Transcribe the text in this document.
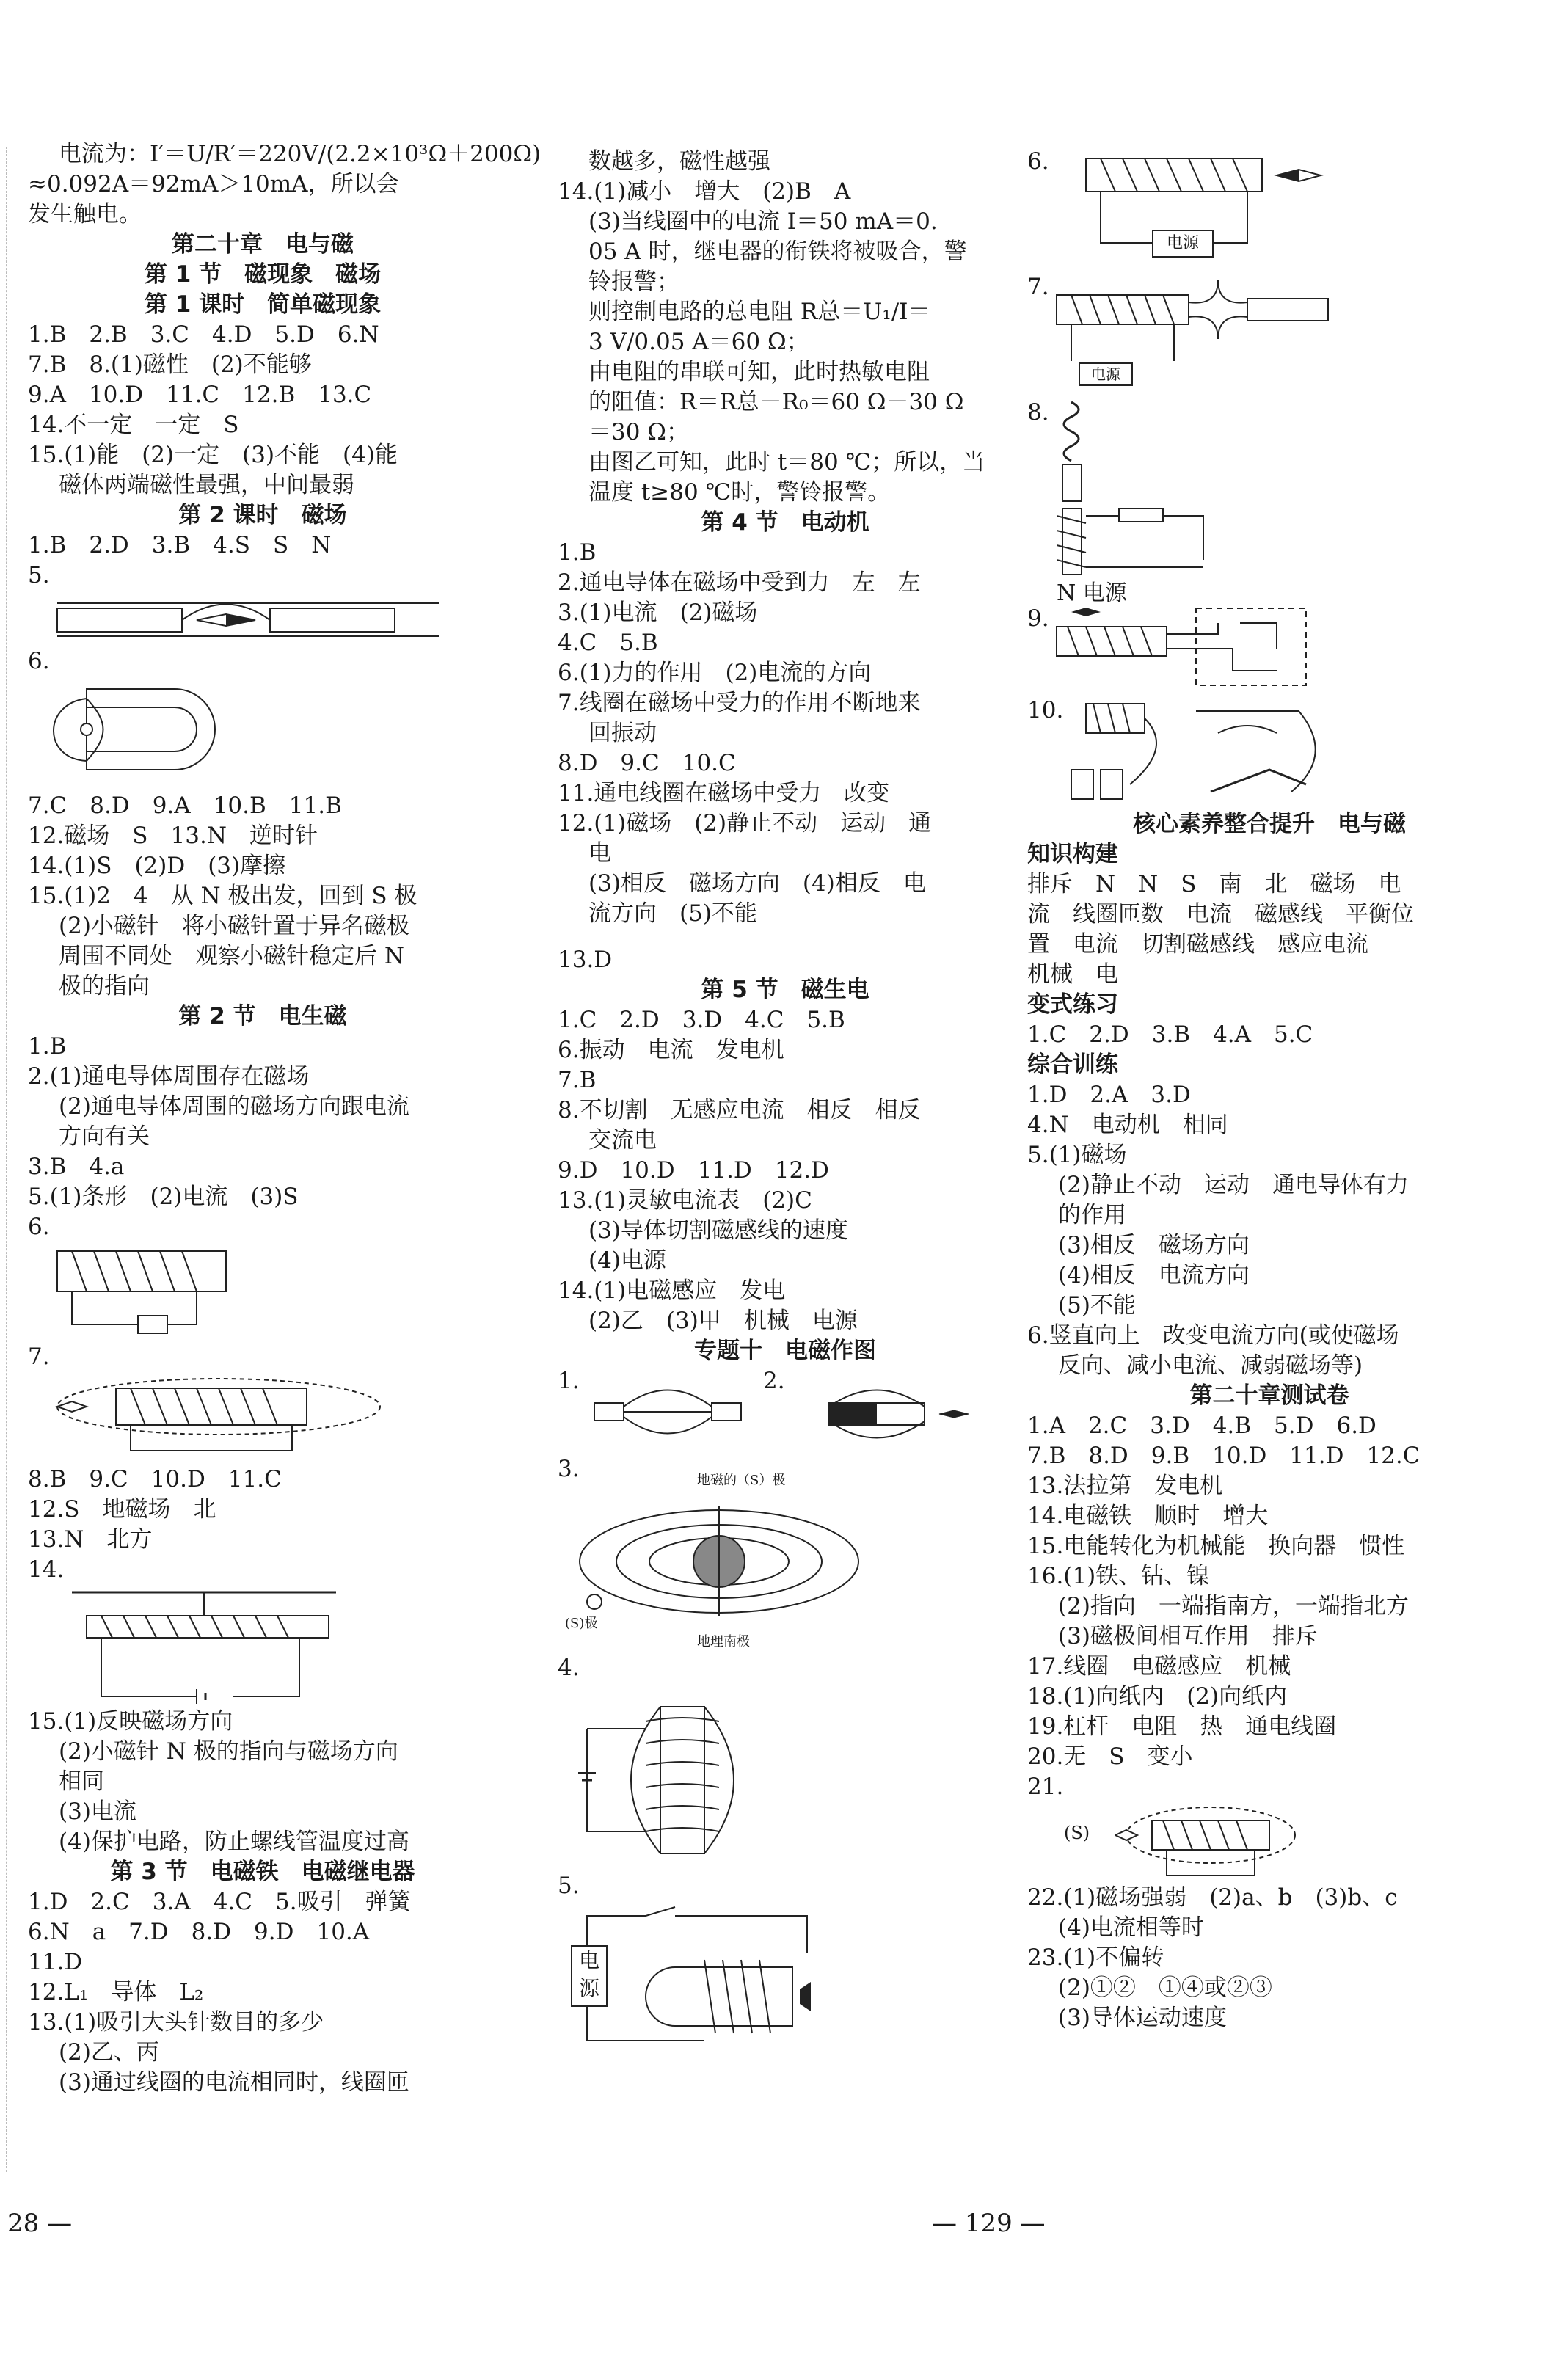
电流为：I′＝U/R′＝220V/(2.2×10³Ω＋200Ω)
≈0.092A＝92mA＞10mA，所以会
发生触电。
第二十章　电与磁
第 1 节　磁现象　磁场
第 1 课时　简单磁现象
1.B　2.B　3.C　4.D　5.D　6.N
7.B　8.(1)磁性　(2)不能够
9.A　10.D　11.C　12.B　13.C
14.不一定　一定　S
15.(1)能　(2)一定　(3)不能　(4)能
磁体两端磁性最强，中间最弱
第 2 课时　磁场
1.B　2.D　3.B　4.S　S　N
5.
6.
7.C　8.D　9.A　10.B　11.B
12.磁场　S　13.N　逆时针
14.(1)S　(2)D　(3)摩擦
15.(1)2　4　从 N 极出发，回到 S 极
(2)小磁针　将小磁针置于异名磁极
周围不同处　观察小磁针稳定后 N
极的指向
第 2 节　电生磁
1.B
2.(1)通电导体周围存在磁场
(2)通电导体周围的磁场方向跟电流
方向有关
3.B　4.a
5.(1)条形　(2)电流　(3)S
6.
7.
8.B　9.C　10.D　11.C
12.S　地磁场　北
13.N　北方
14.
15.(1)反映磁场方向
(2)小磁针 N 极的指向与磁场方向
相同
(3)电流
(4)保护电路，防止螺线管温度过高
第 3 节　电磁铁　电磁继电器
1.D　2.C　3.A　4.C　5.吸引　弹簧
6.N　a　7.D　8.D　9.D　10.A
11.D
12.L₁　导体　L₂
13.(1)吸引大头针数目的多少
(2)乙、丙
(3)通过线圈的电流相同时，线圈匝
数越多，磁性越强
14.(1)减小　增大　(2)B　A
(3)当线圈中的电流 I＝50 mA＝0.
05 A 时，继电器的衔铁将被吸合，警
铃报警；
则控制电路的总电阻 R总＝U₁/I＝
3 V/0.05 A＝60 Ω；
由电阻的串联可知，此时热敏电阻
的阻值：R＝R总－R₀＝60 Ω－30 Ω
＝30 Ω；
由图乙可知，此时 t＝80 ℃；所以，当
温度 t≥80 ℃时，警铃报警。
第 4 节　电动机
1.B
2.通电导体在磁场中受到力　左　左
3.(1)电流　(2)磁场
4.C　5.B
6.(1)力的作用　(2)电流的方向
7.线圈在磁场中受力的作用不断地来
回振动
8.D　9.C　10.C
11.通电线圈在磁场中受力　改变
12.(1)磁场　(2)静止不动　运动　通
电
(3)相反　磁场方向　(4)相反　电
流方向　(5)不能
13.D
第 5 节　磁生电
1.C　2.D　3.D　4.C　5.B
6.振动　电流　发电机
7.B
8.不切割　无感应电流　相反　相反
交流电
9.D　10.D　11.D　12.D
13.(1)灵敏电流表　(2)C
(3)导体切割磁感线的速度
(4)电源
14.(1)电磁感应　发电
(2)乙　(3)甲　机械　电源
专题十　电磁作图
1.	2.
3.	地磁的（S）极
(S)极
地理南极
4.
5.
电
源
6.
电源
7.
电源
8.
N 电源
9.
10.
核心素养整合提升　电与磁
知识构建
排斥　N　N　S　南　北　磁场　电
流　线圈匝数　电流　磁感线　平衡位
置　电流　切割磁感线　感应电流
机械　电
变式练习
1.C　2.D　3.B　4.A　5.C
综合训练
1.D　2.A　3.D
4.N　电动机　相同
5.(1)磁场
(2)静止不动　运动　通电导体有力
的作用
(3)相反　磁场方向
(4)相反　电流方向
(5)不能
6.竖直向上　改变电流方向(或使磁场
反向、减小电流、减弱磁场等)
第二十章测试卷
1.A　2.C　3.D　4.B　5.D　6.D
7.B　8.D　9.B　10.D　11.D　12.C
13.法拉第　发电机
14.电磁铁　顺时　增大
15.电能转化为机械能　换向器　惯性
16.(1)铁、钴、镍
(2)指向　一端指南方，一端指北方
(3)磁极间相互作用　排斥
17.线圈　电磁感应　机械
18.(1)向纸内　(2)向纸内
19.杠杆　电阻　热　通电线圈
20.无　S　变小
21.
(S)
22.(1)磁场强弱　(2)a、b　(3)b、c
(4)电流相等时
23.(1)不偏转
(2)①②　①④或②③
(3)导体运动速度
28 —	— 129 —
